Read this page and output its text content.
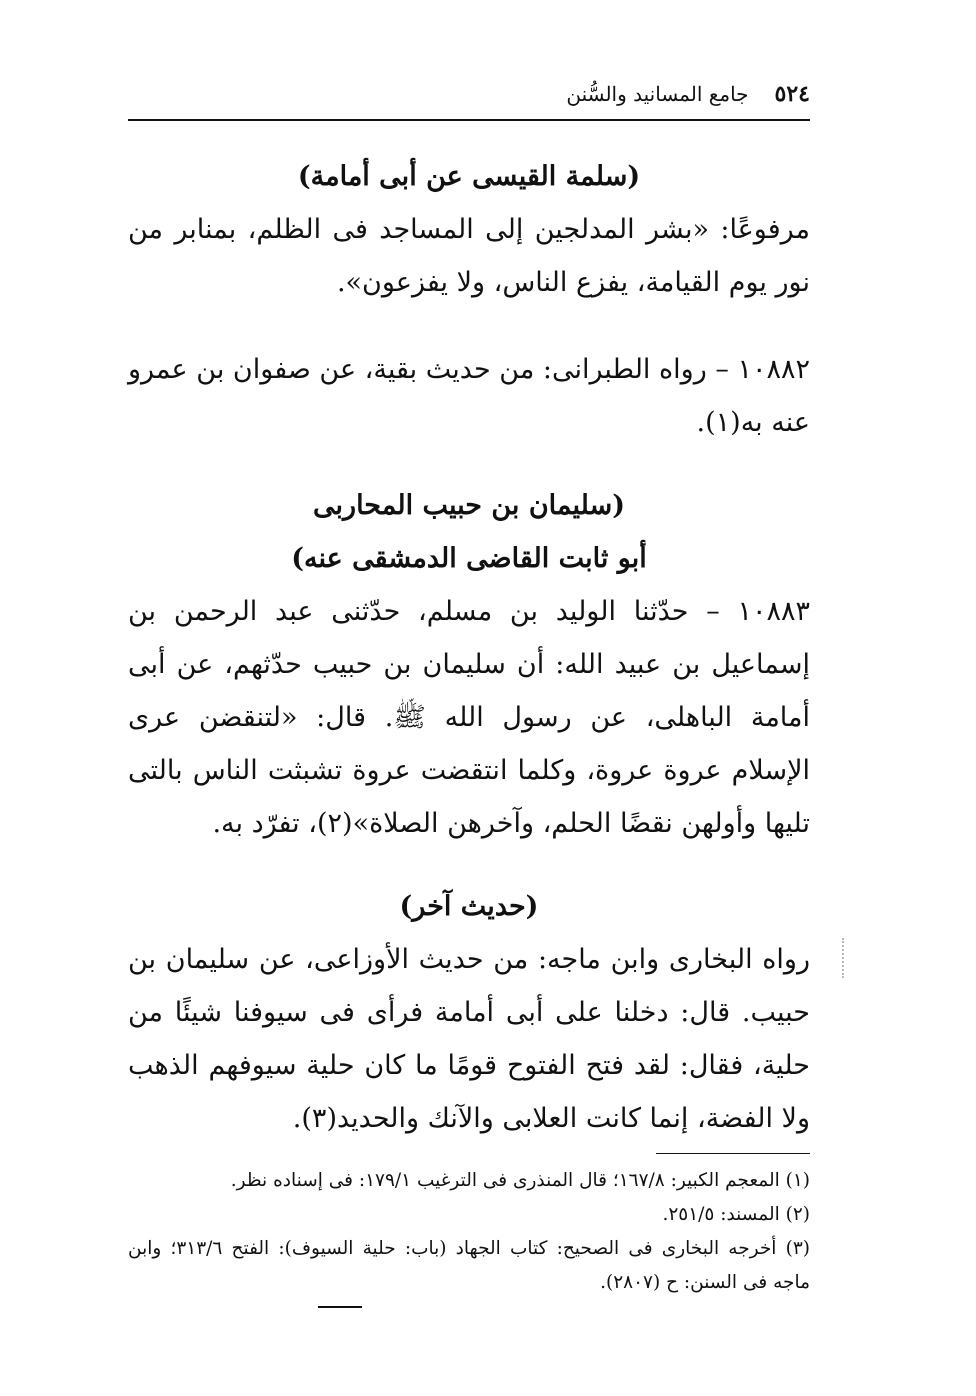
٥٢٤
جامع المسانيد والسُّنن

(سلمة القيسى عن أبى أمامة)

مرفوعًا: «بشر المدلجين إلى المساجد فى الظلم، بمنابر من نور يوم القيامة، يفزع الناس، ولا يفزعون».

١٠٨٨٢ – رواه الطبرانى: من حديث بقية، عن صفوان بن عمرو عنه به(١).

(سليمان بن حبيب المحاربى

أبو ثابت القاضى الدمشقى عنه)

١٠٨٨٣ – حدّثنا الوليد بن مسلم، حدّثنى عبد الرحمن بن إسماعيل بن عبيد الله: أن سليمان بن حبيب حدّثهم، عن أبى أمامة الباهلى، عن رسول الله ﷺ. قال: «لتنقضن عرى الإسلام عروة عروة، وكلما انتقضت عروة تشبثت الناس بالتى تليها وأولهن نقضًا الحلم، وآخرهن الصلاة»(٢)، تفرّد به.

(حديث آخر)

رواه البخارى وابن ماجه: من حديث الأوزاعى، عن سليمان بن حبيب. قال: دخلنا على أبى أمامة فرأى فى سيوفنا شيئًا من حلية، فقال: لقد فتح الفتوح قومًا ما كان حلية سيوفهم الذهب ولا الفضة، إنما كانت العلابى والآنك والحديد(٣).

(١) المعجم الكبير: ١٦٧/٨؛ قال المنذرى فى الترغيب ١٧٩/١: فى إسناده نظر.

(٢) المسند: ٢٥١/٥.

(٣) أخرجه البخارى فى الصحيح: كتاب الجهاد (باب: حلية السيوف): الفتح ٣١٣/٦؛ وابن ماجه فى السنن: ح (٢٨٠٧).
